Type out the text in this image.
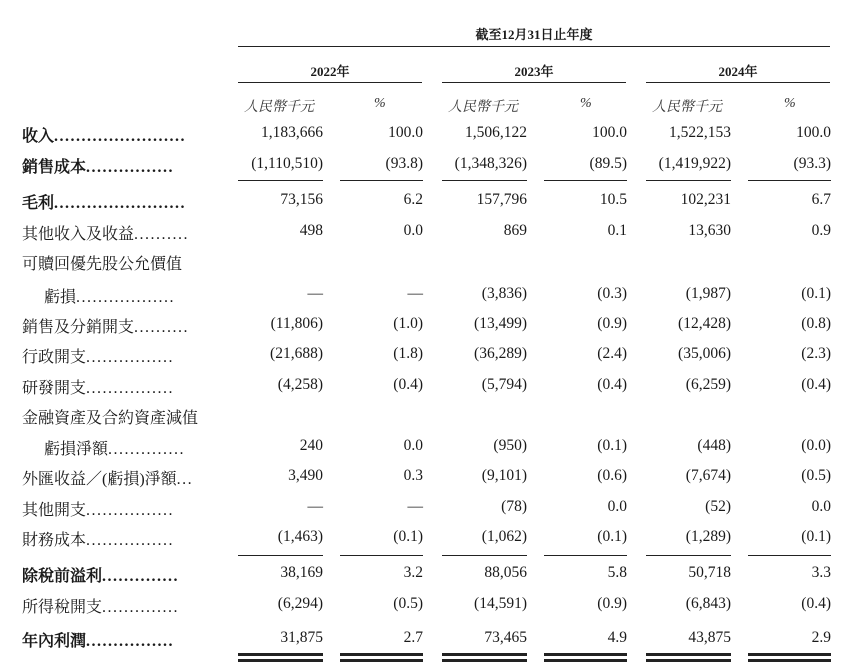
截至12月31日止年度
2022年	2023年	2024年
人民幣千元	%	人民幣千元	%	人民幣千元	%
收入........................	1,183,666	100.0	1,506,122	100.0	1,522,153	100.0
銷售成本................	(1,110,510)	(93.8)	(1,348,326)	(89.5)	(1,419,922)	(93.3)
毛利........................	73,156	6.2	157,796	10.5	102,231	6.7
其他收入及收益..........	498	0.0	869	0.1	13,630	0.9
可贖回優先股公允價值
虧損..................	—	—	(3,836)	(0.3)	(1,987)	(0.1)
銷售及分銷開支..........	(11,806)	(1.0)	(13,499)	(0.9)	(12,428)	(0.8)
行政開支................	(21,688)	(1.8)	(36,289)	(2.4)	(35,006)	(2.3)
研發開支................	(4,258)	(0.4)	(5,794)	(0.4)	(6,259)	(0.4)
金融資產及合約資產減值
虧損淨額..............	240	0.0	(950)	(0.1)	(448)	(0.0)
外匯收益／(虧損)淨額...	3,490	0.3	(9,101)	(0.6)	(7,674)	(0.5)
其他開支................	—	—	(78)	0.0	(52)	0.0
財務成本................	(1,463)	(0.1)	(1,062)	(0.1)	(1,289)	(0.1)
除稅前溢利..............	38,169	3.2	88,056	5.8	50,718	3.3
所得稅開支..............	(6,294)	(0.5)	(14,591)	(0.9)	(6,843)	(0.4)
年內利潤................	31,875	2.7	73,465	4.9	43,875	2.9
